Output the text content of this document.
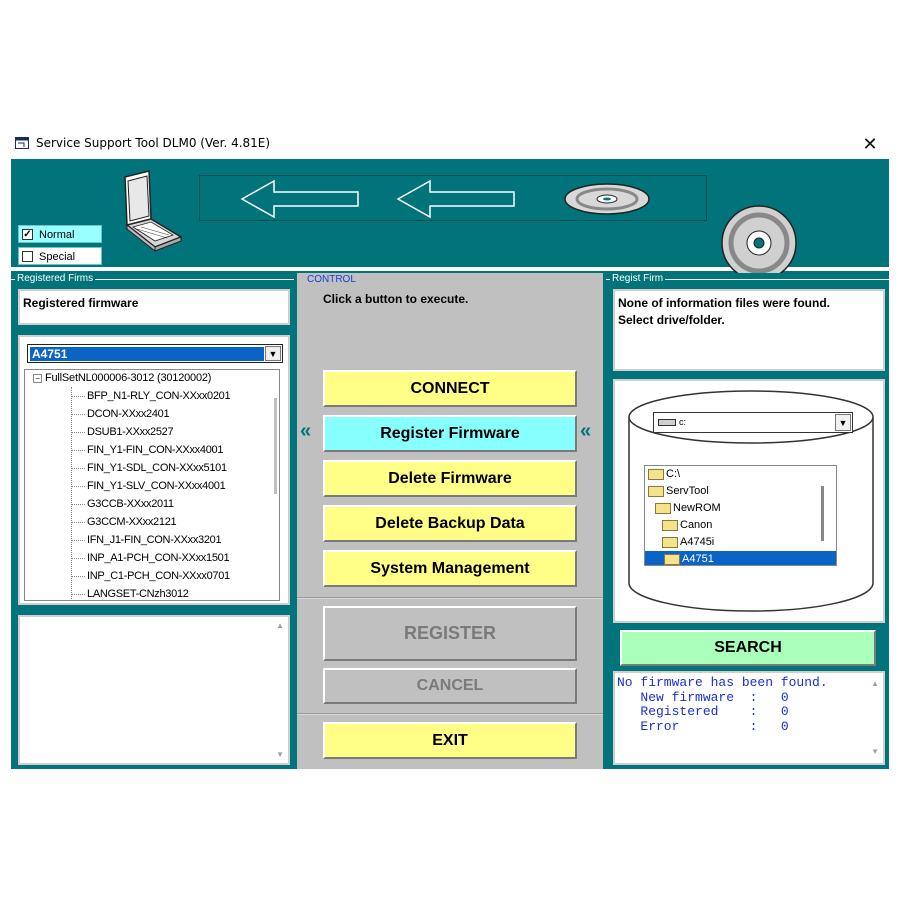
Service Support Tool DLM0 (Ver. 4.81E)	✕
✓ Normal
Special
Registered Firms
Registered firmware
A4751	▼
− FullSetNL000006-3012 (30120002)
BFP_N1-RLY_CON-XXxx0201
DCON-XXxx2401
DSUB1-XXxx2527
FIN_Y1-FIN_CON-XXxx4001
FIN_Y1-SDL_CON-XXxx5101
FIN_Y1-SLV_CON-XXxx4001
G3CCB-XXxx2011
G3CCM-XXxx2121
IFN_J1-FIN_CON-XXxx3201
INP_A1-PCH_CON-XXxx1501
INP_C1-PCH_CON-XXxx0701
LANGSET-CNzh3012
▲
▼
CONTROL
Click a button to execute.
CONNECT
Register Firmware
«	«
Delete Firmware
Delete Backup Data
System Management
REGISTER
CANCEL
EXIT
Regist Firm
None of information files were found.
Select drive/folder.
c:	▼
C:\
ServTool
NewROM
Canon
A4745i
A4751
SEARCH
No firmware has been found.
New firmware  :   0
Registered    :   0
Error         :   0
▲
▼
